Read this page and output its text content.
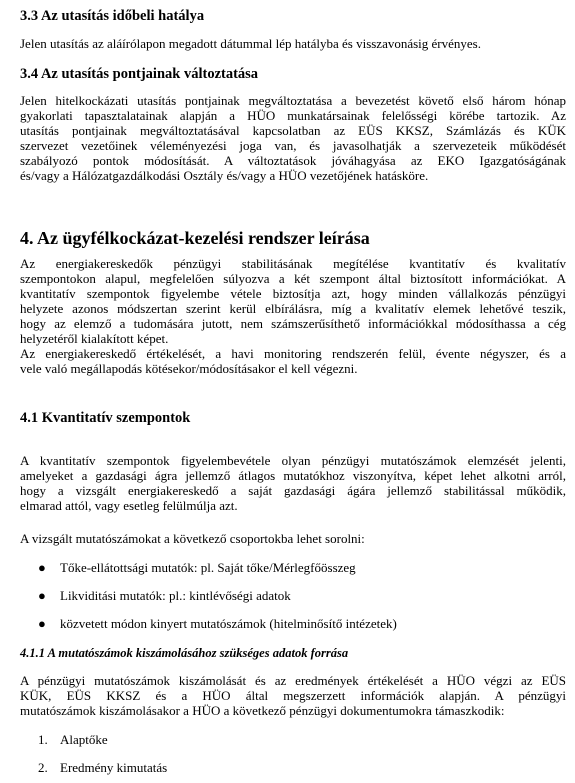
3.3 Az utasítás időbeli hatálya
Jelen utasítás az aláírólapon megadott dátummal lép hatályba és visszavonásig érvényes.
3.4 Az utasítás pontjainak változtatása
Jelen hitelkockázati utasítás pontjainak megváltoztatása a bevezetést követő első három hónap
gyakorlati tapasztalatainak alapján a HÜO munkatársainak felelősségi körébe tartozik. Az
utasítás pontjainak megváltoztatásával kapcsolatban az EÜS KKSZ, Számlázás és KÜK
szervezet vezetőinek véleményezési joga van, és javasolhatják a szervezeteik működését
szabályozó pontok módosítását. A változtatások jóváhagyása az EKO Igazgatóságának
és/vagy a Hálózatgazdálkodási Osztály és/vagy a HÜO vezetőjének hatásköre.
4. Az ügyfélkockázat-kezelési rendszer leírása
Az energiakereskedők pénzügyi stabilitásának megítélése kvantitatív és kvalitatív
szempontokon alapul, megfelelően súlyozva a két szempont által biztosított információkat. A
kvantitatív szempontok figyelembe vétele biztosítja azt, hogy minden vállalkozás pénzügyi
helyzete azonos módszertan szerint kerül elbírálásra, míg a kvalitatív elemek lehetővé teszik,
hogy az elemző a tudomására jutott, nem számszerűsíthető információkkal módosíthassa a cég
helyzetéről kialakított képet.
Az energiakereskedő értékelését, a havi monitoring rendszerén felül, évente négyszer, és a
vele való megállapodás kötésekor/módosításakor el kell végezni.
4.1 Kvantitatív szempontok
A kvantitatív szempontok figyelembevétele olyan pénzügyi mutatószámok elemzését jelenti,
amelyeket a gazdasági ágra jellemző átlagos mutatókhoz viszonyítva, képet lehet alkotni arról,
hogy a vizsgált energiakereskedő a saját gazdasági ágára jellemző stabilitással működik,
elmarad attól, vagy esetleg felülmúlja azt.
A vizsgált mutatószámokat a következő csoportokba lehet sorolni:
● Tőke-ellátottsági mutatók: pl. Saját tőke/Mérlegfőösszeg
● Likviditási mutatók: pl.: kintlévőségi adatok
● közvetett módon kinyert mutatószámok (hitelminősítő intézetek)
4.1.1 A mutatószámok kiszámolásához szükséges adatok forrása
A pénzügyi mutatószámok kiszámolását és az eredmények értékelését a HÜO végzi az EÜS
KÜK, EÜS KKSZ és a HÜO által megszerzett információk alapján. A pénzügyi
mutatószámok kiszámolásakor a HÜO a következő pénzügyi dokumentumokra támaszkodik:
1. Alaptőke
2. Eredmény kimutatás
